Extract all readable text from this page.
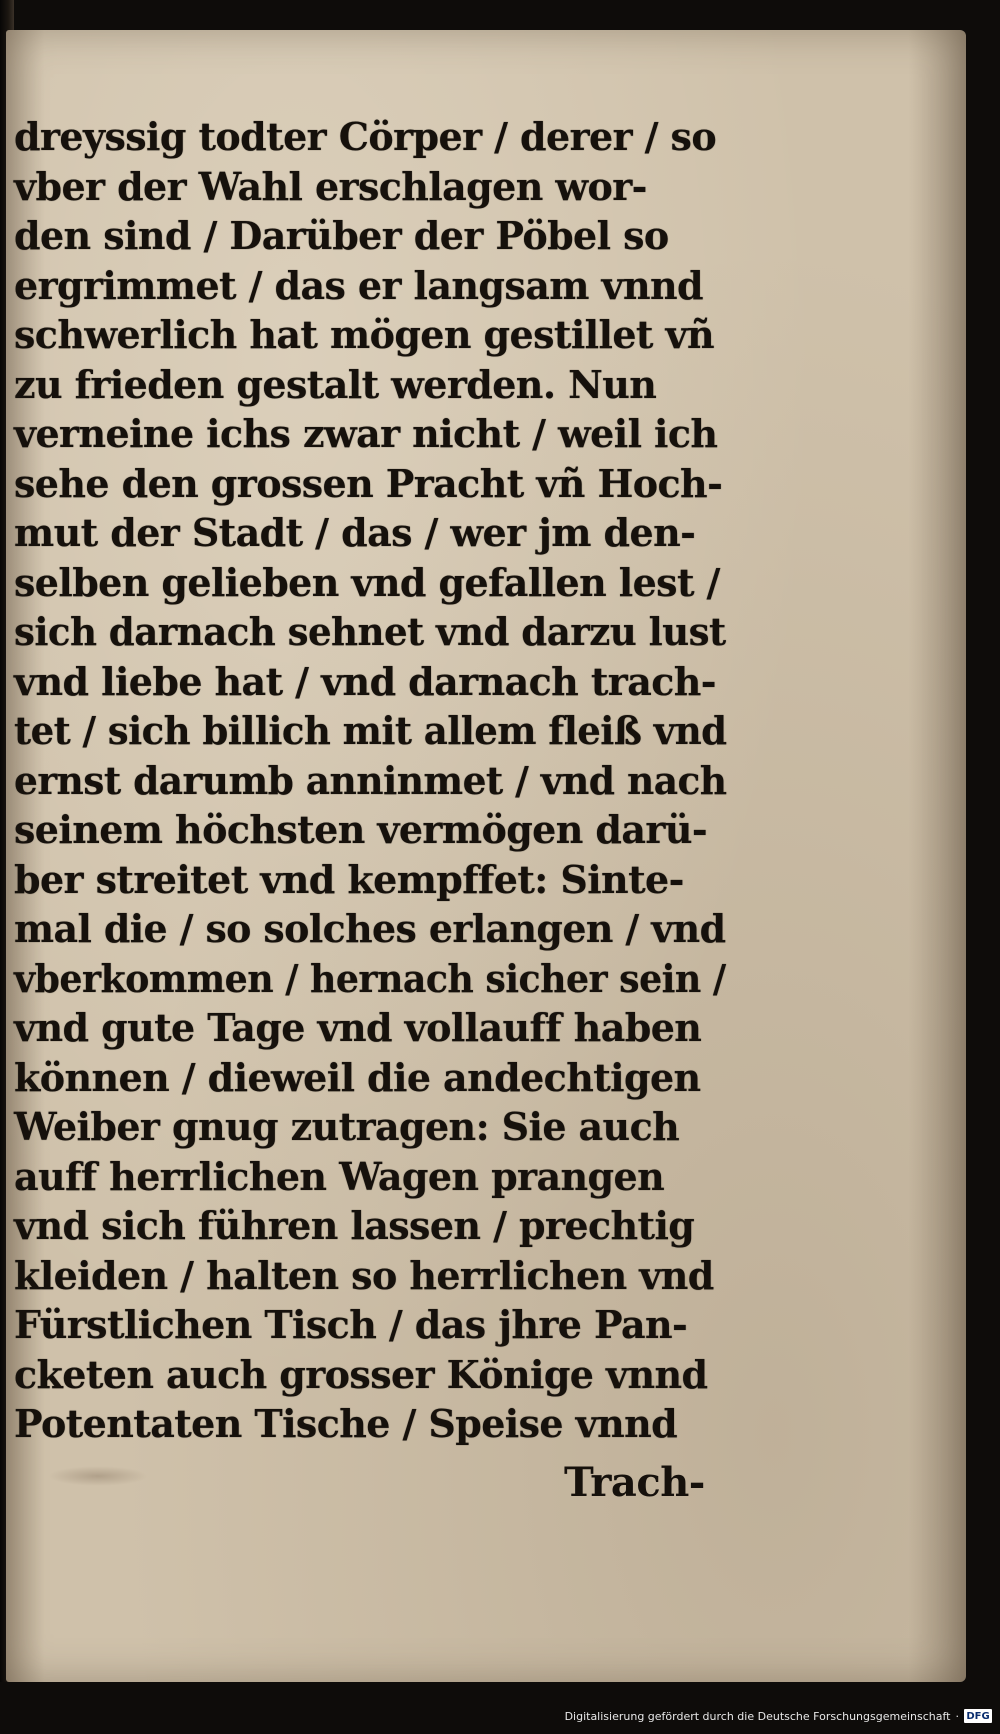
dreyssig todter Cörper / derer / so
vber der Wahl erschlagen wor-
den sind / Darüber der Pöbel so
ergrimmet / das er langsam vnnd
schwerlich hat mögen gestillet vñ
zu frieden gestalt werden. Nun
verneine ichs zwar nicht / weil ich
sehe den grossen Pracht vñ Hoch-
mut der Stadt / das / wer jm den-
selben gelieben vnd gefallen lest /
sich darnach sehnet vnd darzu lust
vnd liebe hat / vnd darnach trach-
tet / sich billich mit allem fleiß vnd
ernst darumb anninmet / vnd nach
seinem höchsten vermögen darü-
ber streitet vnd kempffet: Sinte-
mal die / so solches erlangen / vnd
vberkommen / hernach sicher sein /
vnd gute Tage vnd vollauff haben
können / dieweil die andechtigen
Weiber gnug zutragen: Sie auch
auff herrlichen Wagen prangen
vnd sich führen lassen / prechtig
kleiden / halten so herrlichen vnd
Fürstlichen Tisch / das jhre Pan-
cketen auch grosser Könige vnnd
Potentaten Tische / Speise vnnd
Trach-
Digitalisierung gefördert durch die Deutsche Forschungsgemeinschaft · DFG
